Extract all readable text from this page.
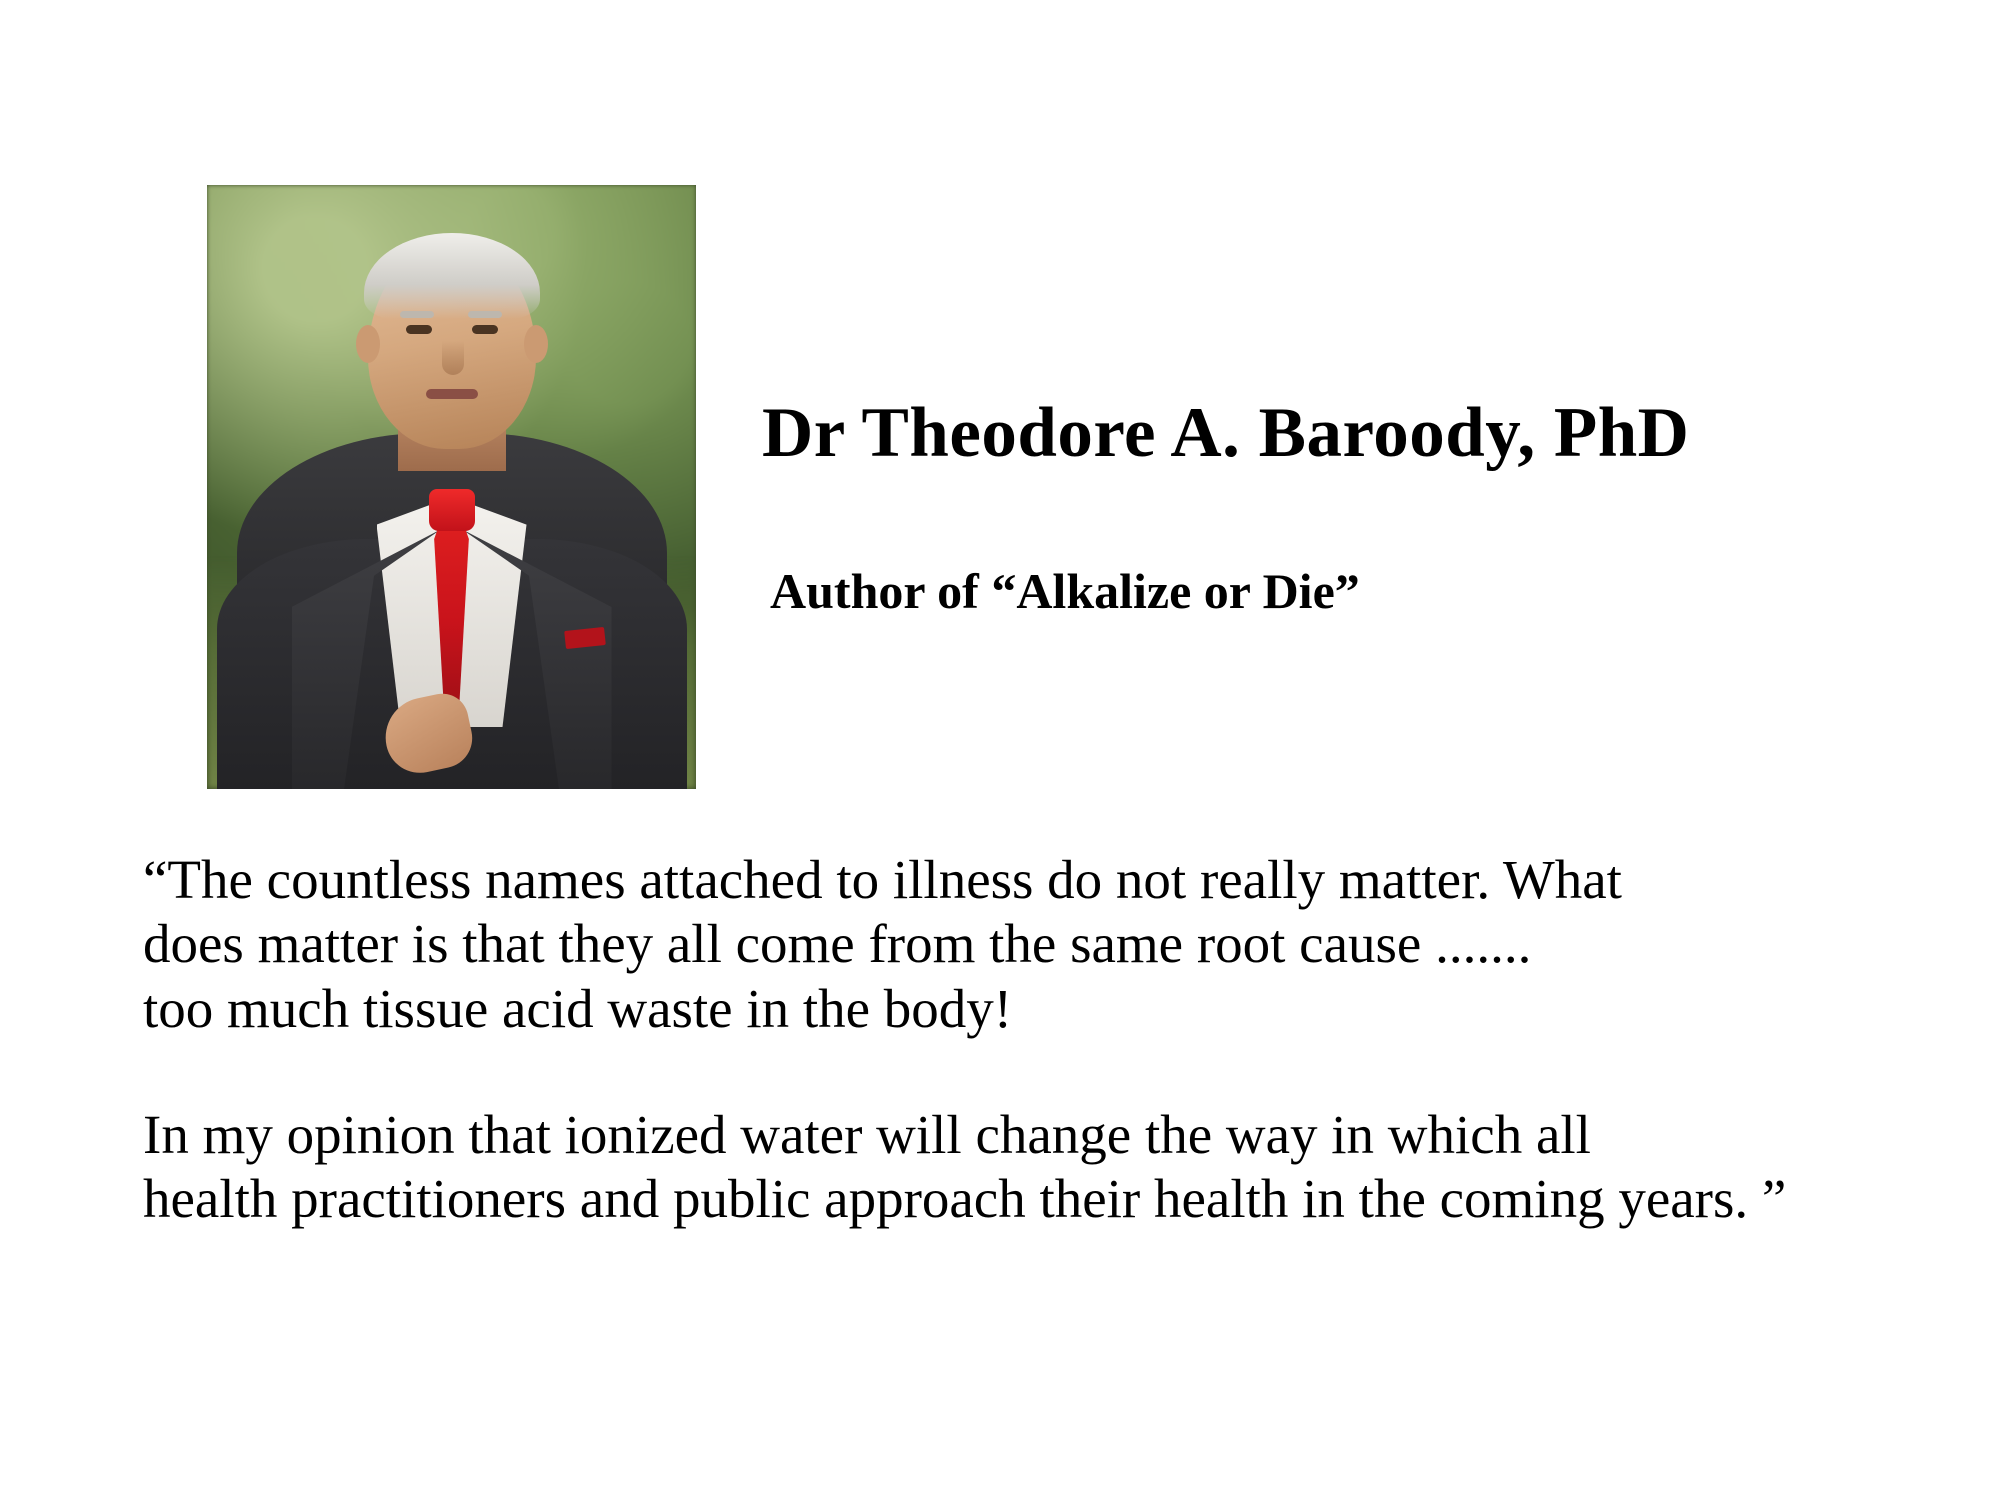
Dr Theodore A. Baroody, PhD
Author of “Alkalize or Die”

“The countless names attached to illness do not really matter. What

does matter is that they all come from the same root cause .......

too much tissue acid waste in the body!

In my opinion that ionized water will change the way in which all

health practitioners and public approach their health in the coming years. ”
